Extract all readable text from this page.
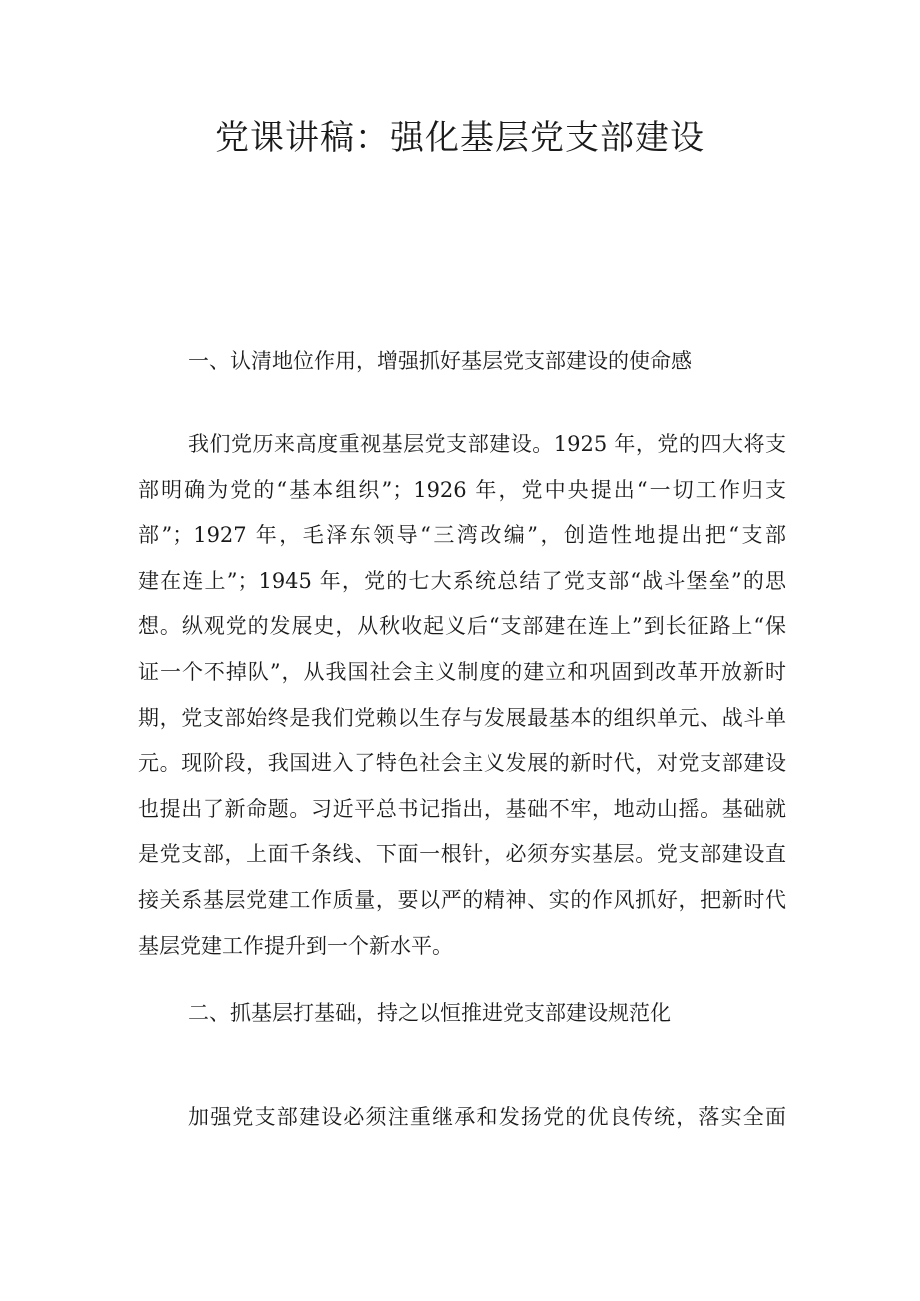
党课讲稿：强化基层党支部建设
一、认清地位作用，增强抓好基层党支部建设的使命感
我们党历来高度重视基层党支部建设。1925 年，党的四大将支
部明确为党的“基本组织”；1926 年，党中央提出“一切工作归支
部”；1927 年，毛泽东领导“三湾改编”，创造性地提出把“支部
建在连上”；1945 年，党的七大系统总结了党支部“战斗堡垒”的思
想。纵观党的发展史，从秋收起义后“支部建在连上”到长征路上“保
证一个不掉队”，从我国社会主义制度的建立和巩固到改革开放新时
期，党支部始终是我们党赖以生存与发展最基本的组织单元、战斗单
元。现阶段，我国进入了特色社会主义发展的新时代，对党支部建设
也提出了新命题。习近平总书记指出，基础不牢，地动山摇。基础就
是党支部，上面千条线、下面一根针，必须夯实基层。党支部建设直
接关系基层党建工作质量，要以严的精神、实的作风抓好，把新时代
基层党建工作提升到一个新水平。
二、抓基层打基础，持之以恒推进党支部建设规范化
加强党支部建设必须注重继承和发扬党的优良传统，落实全面
